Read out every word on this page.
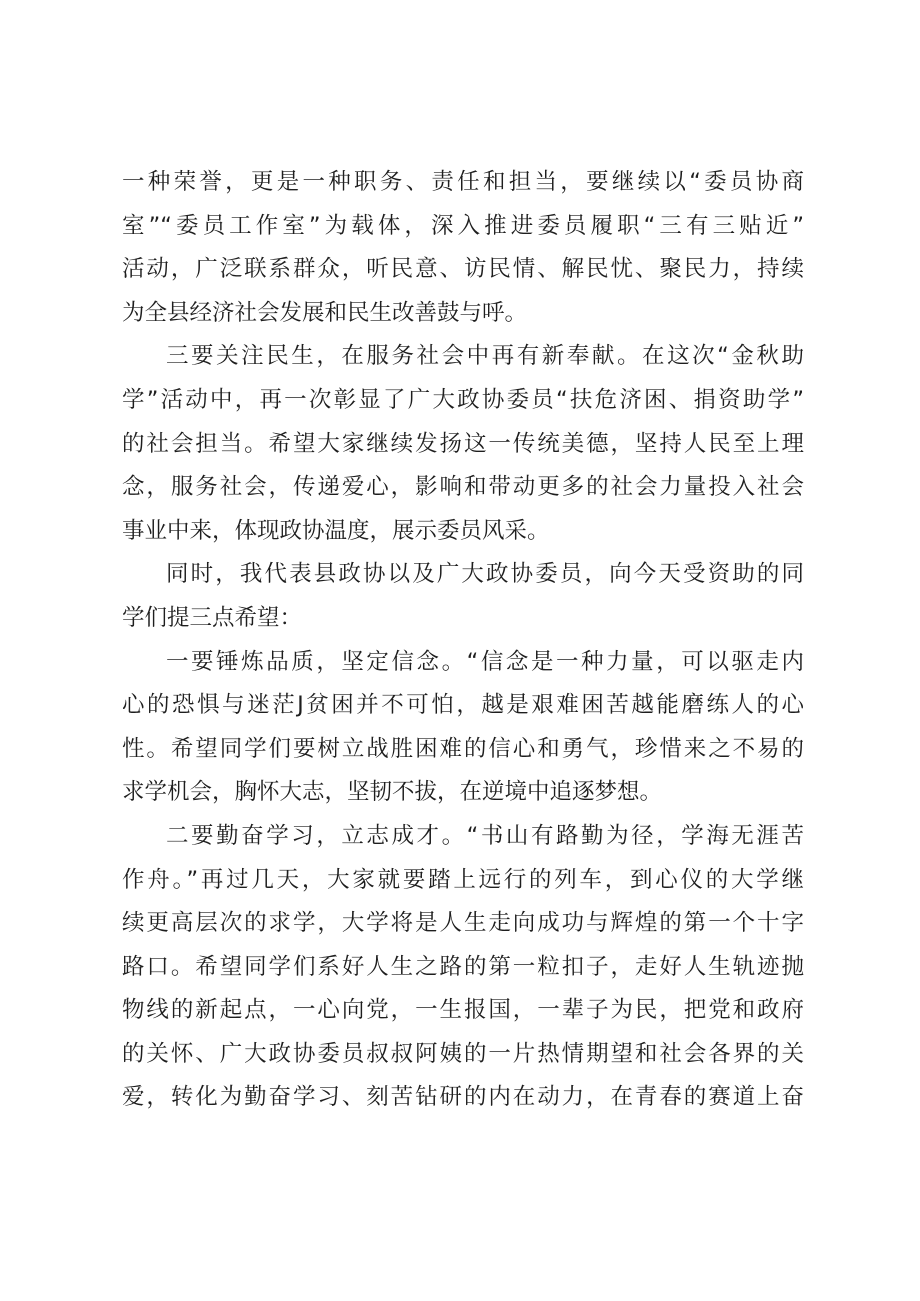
一种荣誉，更是一种职务、责任和担当，要继续以“委员协商
室”“委员工作室”为载体，深入推进委员履职“三有三贴近”
活动，广泛联系群众，听民意、访民情、解民忧、聚民力，持续
为全县经济社会发展和民生改善鼓与呼。
三要关注民生，在服务社会中再有新奉献。在这次“金秋助
学”活动中，再一次彰显了广大政协委员“扶危济困、捐资助学”
的社会担当。希望大家继续发扬这一传统美德，坚持人民至上理
念，服务社会，传递爱心，影响和带动更多的社会力量投入社会
事业中来，体现政协温度，展示委员风采。
同时，我代表县政协以及广大政协委员，向今天受资助的同
学们提三点希望：
一要锤炼品质，坚定信念。“信念是一种力量，可以驱走内
心的恐惧与迷茫J贫困并不可怕，越是艰难困苦越能磨练人的心
性。希望同学们要树立战胜困难的信心和勇气，珍惜来之不易的
求学机会，胸怀大志，坚韧不拔，在逆境中追逐梦想。
二要勤奋学习，立志成才。“书山有路勤为径，学海无涯苦
作舟。”再过几天，大家就要踏上远行的列车，到心仪的大学继
续更高层次的求学，大学将是人生走向成功与辉煌的第一个十字
路口。希望同学们系好人生之路的第一粒扣子，走好人生轨迹抛
物线的新起点，一心向党，一生报国，一辈子为民，把党和政府
的关怀、广大政协委员叔叔阿姨的一片热情期望和社会各界的关
爱，转化为勤奋学习、刻苦钻研的内在动力，在青春的赛道上奋
